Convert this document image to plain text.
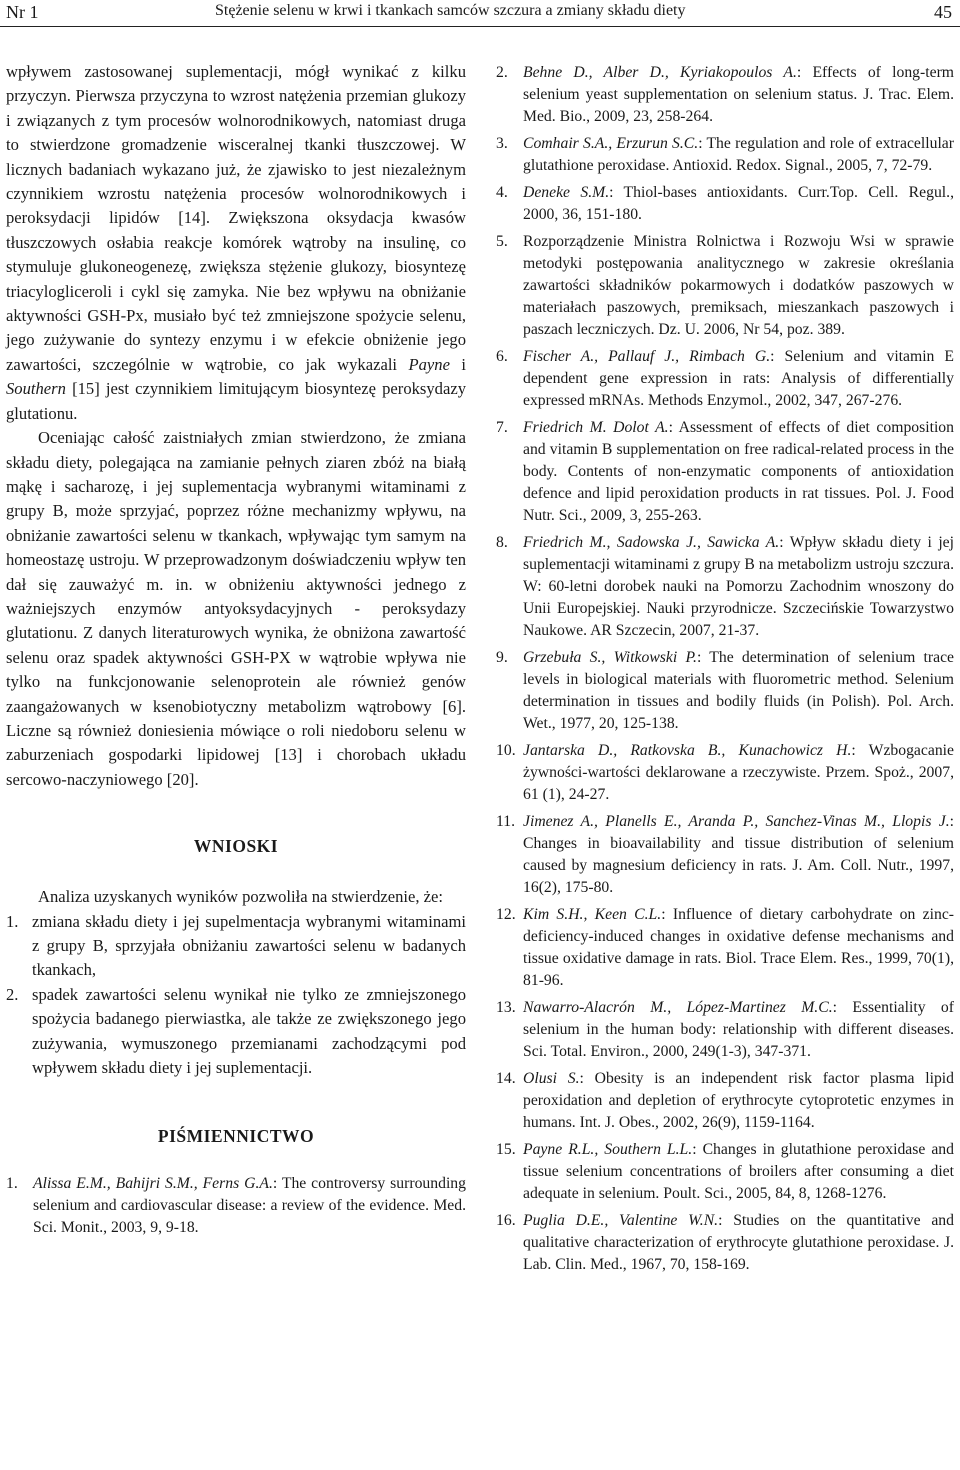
Nr 1	Stężenie selenu w krwi i tkankach samców szczura a zmiany składu diety	45

wpływem zastosowanej suplementacji, mógł wynikać z kilku przyczyn. Pierwsza przyczyna to wzrost natężenia przemian glukozy i związanych z tym procesów wolnorodnikowych, natomiast druga to stwierdzone gromadzenie wisceralnej tkanki tłuszczowej. W licznych badaniach wykazano już, że zjawisko to jest niezależnym czynnikiem wzrostu natężenia procesów wolnorodnikowych i peroksydacji lipidów [14]. Zwiększona oksydacja kwasów tłuszczowych osłabia reakcje komórek wątroby na insulinę, co stymuluje glukoneogenezę, zwiększa stężenie glukozy, biosyntezę triacylogliceroli i cykl się zamyka. Nie bez wpływu na obniżanie aktywności GSH-Px, musiało być też zmniejszone spożycie selenu, jego zużywanie do syntezy enzymu i w efekcie obniżenie jego zawartości, szczególnie w wątrobie, co jak wykazali Payne i Southern [15] jest czynnikiem limitującym biosyntezę peroksydazy glutationu.

Oceniając całość zaistniałych zmian stwierdzono, że zmiana składu diety, polegająca na zamianie pełnych ziaren zbóż na białą mąkę i sacharozę, i jej suplementacja wybranymi witaminami z grupy B, może sprzyjać, poprzez różne mechanizmy wpływu, na obniżanie zawartości selenu w tkankach, wpływając tym samym na homeostazę ustroju. W przeprowadzonym doświadczeniu wpływ ten dał się zauważyć m. in. w obniżeniu aktywności jednego z ważniejszych enzymów antyoksydacyjnych - peroksydazy glutationu. Z danych literaturowych wynika, że obniżona zawartość selenu oraz spadek aktywności GSH-PX w wątrobie wpływa nie tylko na funkcjonowanie selenoprotein ale również genów zaangażowanych w ksenobiotyczny metabolizm wątrobowy [6]. Liczne są również doniesienia mówiące o roli niedoboru selenu w zaburzeniach gospodarki lipidowej [13] i chorobach układu sercowo-naczyniowego [20].

WNIOSKI

Analiza uzyskanych wyników pozwoliła na stwierdzenie, że:

1. zmiana składu diety i jej supelmentacja wybranymi witaminami z grupy B, sprzyjała obniżaniu zawartości selenu w badanych tkankach,
2. spadek zawartości selenu wynikał nie tylko ze zmniejszonego spożycia badanego pierwiastka, ale także ze zwiększonego jego zużywania, wymuszonego przemianami zachodzącymi pod wpływem składu diety i jej suplementacji.
PIŚMIENNICTWO
1. Alissa E.M., Bahijri S.M., Ferns G.A.: The controversy surrounding selenium and cardiovascular disease: a review of the evidence. Med. Sci. Monit., 2003, 9, 9-18.
2. Behne D., Alber D., Kyriakopoulos A.: Effects of long-term selenium yeast supplementation on selenium status. J. Trac. Elem. Med. Bio., 2009, 23, 258-264.
3. Comhair S.A., Erzurun S.C.: The regulation and role of extracellular glutathione peroxidase. Antioxid. Redox. Signal., 2005, 7, 72-79.
4. Deneke S.M.: Thiol-bases antioxidants. Curr.Top. Cell. Regul., 2000, 36, 151-180.
5. Rozporządzenie Ministra Rolnictwa i Rozwoju Wsi w sprawie metodyki postępowania analitycznego w zakresie określania zawartości składników pokarmowych i dodatków paszowych w materiałach paszowych, premiksach, mieszankach paszowych i paszach leczniczych. Dz. U. 2006, Nr 54, poz. 389.
6. Fischer A., Pallauf J., Rimbach G.: Selenium and vitamin E dependent gene expression in rats: Analysis of differentially expressed mRNAs. Methods Enzymol., 2002, 347, 267-276.
7. Friedrich M. Dolot A.: Assessment of effects of diet composition and vitamin B supplementation on free radical-related process in the body. Contents of non-enzymatic components of antioxidation defence and lipid peroxidation products in rat tissues. Pol. J. Food Nutr. Sci., 2009, 3, 255-263.
8. Friedrich M., Sadowska J., Sawicka A.: Wpływ składu diety i jej suplementacji witaminami z grupy B na metabolizm ustroju szczura. W: 60-letni dorobek nauki na Pomorzu Zachodnim wnoszony do Unii Europejskiej. Nauki przyrodnicze. Szczecińskie Towarzystwo Naukowe. AR Szczecin, 2007, 21-37.
9. Grzebuła S., Witkowski P.: The determination of selenium trace levels in biological materials with fluorometric method. Selenium determination in tissues and bodily fluids (in Polish). Pol. Arch. Wet., 1977, 20, 125-138.
10. Jantarska D., Ratkovska B., Kunachowicz H.: Wzbogacanie żywności-wartości deklarowane a rzeczywiste. Przem. Spoż., 2007, 61 (1), 24-27.
11. Jimenez A., Planells E., Aranda P., Sanchez-Vinas M., Llopis J.: Changes in bioavailability and tissue distribution of selenium caused by magnesium deficiency in rats. J. Am. Coll. Nutr., 1997, 16(2), 175-80.
12. Kim S.H., Keen C.L.: Influence of dietary carbohydrate on zinc-deficiency-induced changes in oxidative defense mechanisms and tissue oxidative damage in rats. Biol. Trace Elem. Res., 1999, 70(1), 81-96.
13. Nawarro-Alacrón M., López-Martinez M.C.: Essentiality of selenium in the human body: relationship with different diseases. Sci. Total. Environ., 2000, 249(1-3), 347-371.
14. Olusi S.: Obesity is an independent risk factor plasma lipid peroxidation and depletion of erythrocyte cytoprotetic enzymes in humans. Int. J. Obes., 2002, 26(9), 1159-1164.
15. Payne R.L., Southern L.L.: Changes in glutathione peroxidase and tissue selenium concentrations of broilers after consuming a diet adequate in selenium. Poult. Sci., 2005, 84, 8, 1268-1276.
16. Puglia D.E., Valentine W.N.: Studies on the quantitative and qualitative characterization of erythrocyte glutathione peroxidase. J. Lab. Clin. Med., 1967, 70, 158-169.
